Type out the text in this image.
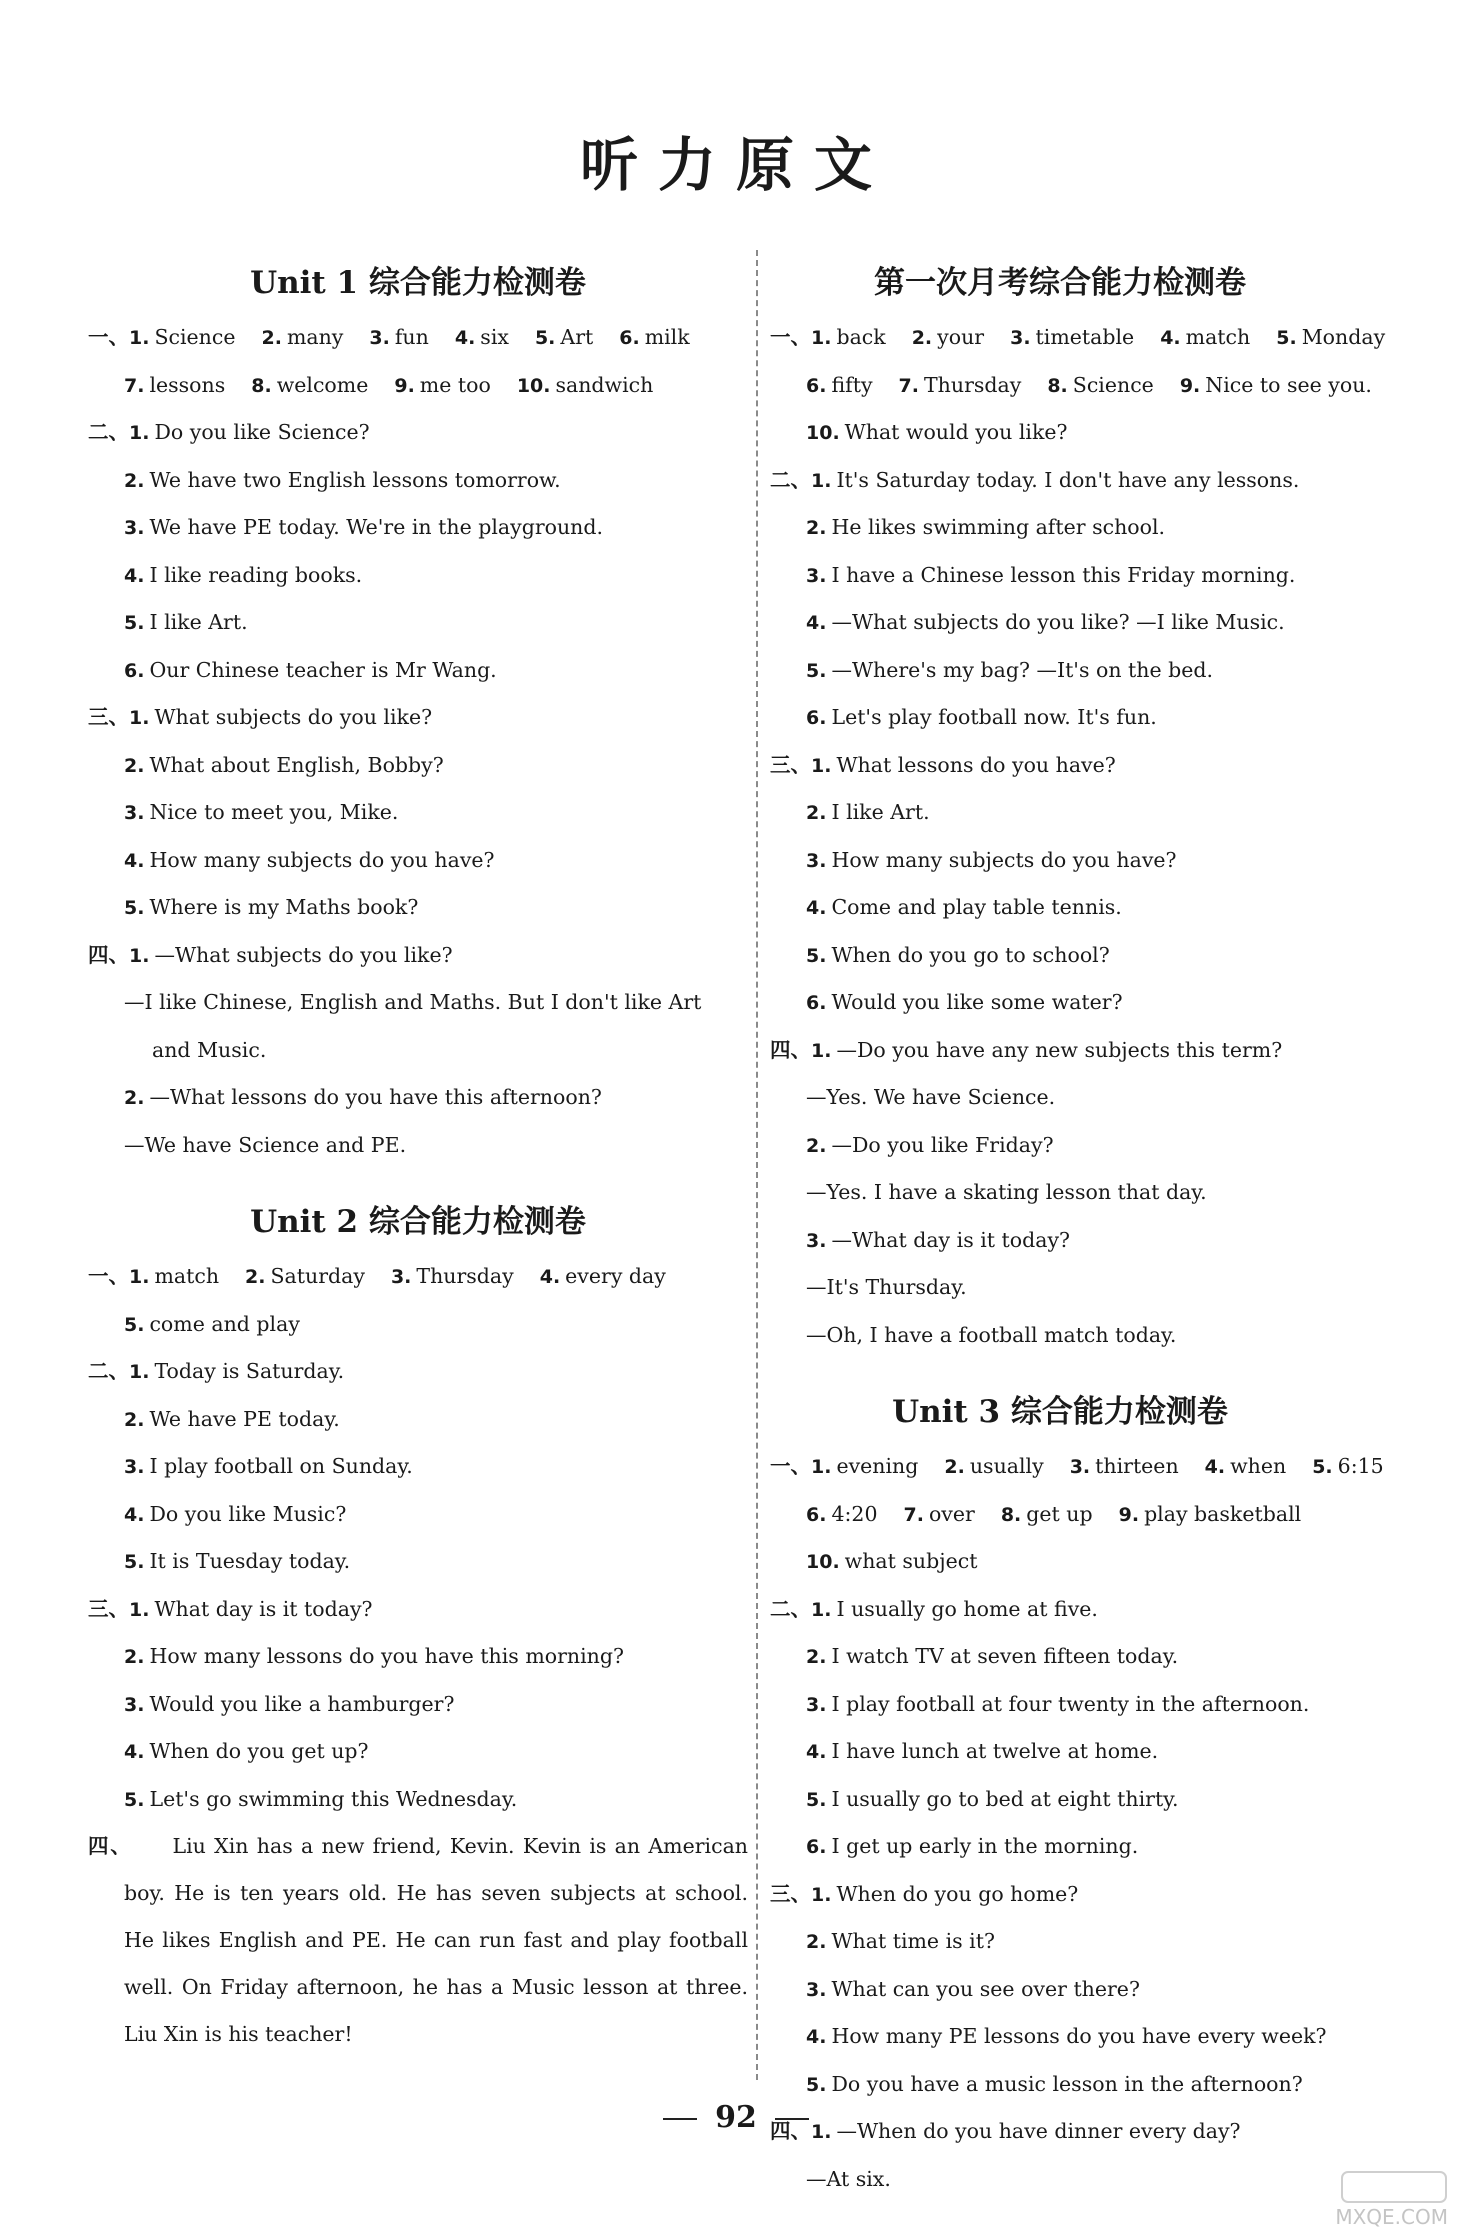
听力原文
Unit 1 综合能力检测卷
一、1. Science 2. many 3. fun 4. six 5. Art 6. milk
7. lessons 8. welcome 9. me too 10. sandwich
二、1. Do you like Science?
2. We have two English lessons tomorrow.
3. We have PE today. We're in the playground.
4. I like reading books.
5. I like Art.
6. Our Chinese teacher is Mr Wang.
三、1. What subjects do you like?
2. What about English, Bobby?
3. Nice to meet you, Mike.
4. How many subjects do you have?
5. Where is my Maths book?
四、1. —What subjects do you like?
—I like Chinese, English and Maths. But I don't like Art
and Music.
2. —What lessons do you have this afternoon?
—We have Science and PE.
Unit 2 综合能力检测卷
一、1. match 2. Saturday 3. Thursday 4. every day
5. come and play
二、1. Today is Saturday.
2. We have PE today.
3. I play football on Sunday.
4. Do you like Music?
5. It is Tuesday today.
三、1. What day is it today?
2. How many lessons do you have this morning?
3. Would you like a hamburger?
4. When do you get up?
5. Let's go swimming this Wednesday.
四、 Liu Xin has a new friend, Kevin. Kevin is an American boy. He is ten years old. He has seven subjects at school. He likes English and PE. He can run fast and play football well. On Friday afternoon, he has a Music lesson at three. Liu Xin is his teacher!
第一次月考综合能力检测卷
一、1. back 2. your 3. timetable 4. match 5. Monday
6. fifty 7. Thursday 8. Science 9. Nice to see you.
10. What would you like?
二、1. It's Saturday today. I don't have any lessons.
2. He likes swimming after school.
3. I have a Chinese lesson this Friday morning.
4. —What subjects do you like? —I like Music.
5. —Where's my bag? —It's on the bed.
6. Let's play football now. It's fun.
三、1. What lessons do you have?
2. I like Art.
3. How many subjects do you have?
4. Come and play table tennis.
5. When do you go to school?
6. Would you like some water?
四、1. —Do you have any new subjects this term?
—Yes. We have Science.
2. —Do you like Friday?
—Yes. I have a skating lesson that day.
3. —What day is it today?
—It's Thursday.
—Oh, I have a football match today.
Unit 3 综合能力检测卷
一、1. evening 2. usually 3. thirteen 4. when 5. 6:15
6. 4:20 7. over 8. get up 9. play basketball
10. what subject
二、1. I usually go home at five.
2. I watch TV at seven fifteen today.
3. I play football at four twenty in the afternoon.
4. I have lunch at twelve at home.
5. I usually go to bed at eight thirty.
6. I get up early in the morning.
三、1. When do you go home?
2. What time is it?
3. What can you see over there?
4. How many PE lessons do you have every week?
5. Do you have a music lesson in the afternoon?
四、1. —When do you have dinner every day?
—At six.
92
MXQE.COM
